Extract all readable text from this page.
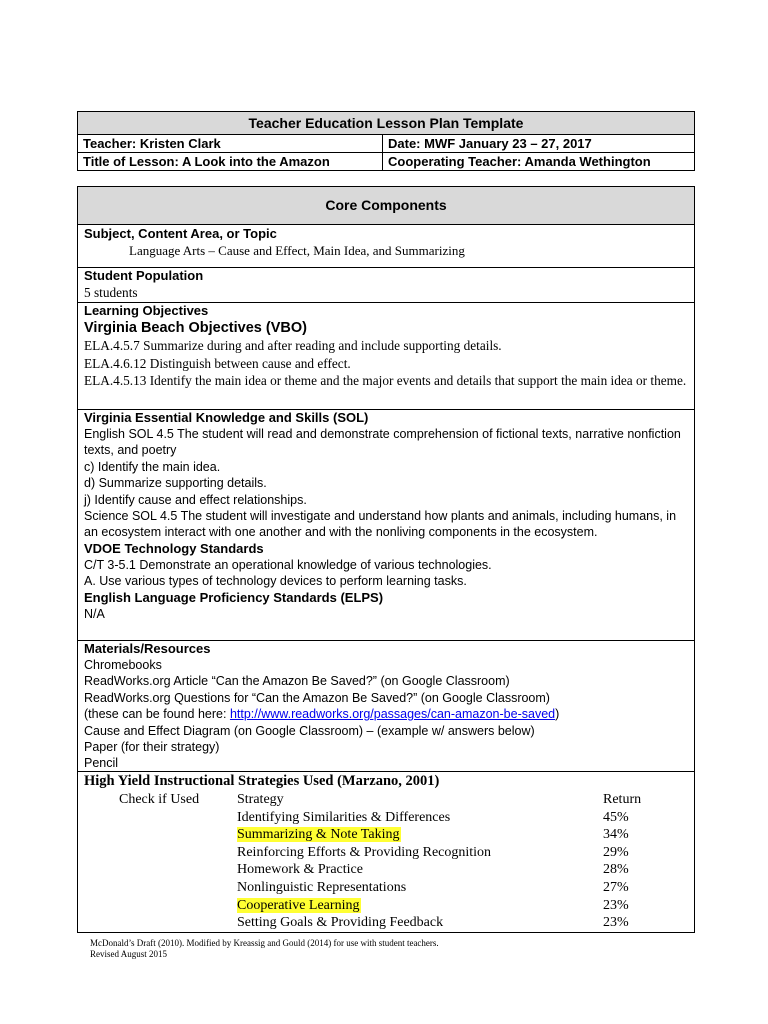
Teacher Education Lesson Plan Template	
Teacher: Kristen Clark	Date: MWF January 23 – 27, 2017
Title of Lesson: A Look into the Amazon	Cooperating Teacher: Amanda Wethington
Core Components
Subject, Content Area, or Topic
Language Arts – Cause and Effect, Main Idea, and Summarizing
Student Population
5 students
Learning Objectives
Virginia Beach Objectives (VBO)
ELA.4.5.7 Summarize during and after reading and include supporting details.
ELA.4.6.12 Distinguish between cause and effect.
ELA.4.5.13 Identify the main idea or theme and the major events and details that support the main idea or theme.
Virginia Essential Knowledge and Skills (SOL)
English SOL 4.5 The student will read and demonstrate comprehension of fictional texts, narrative nonfiction texts, and poetry
c) Identify the main idea.
d) Summarize supporting details.
j) Identify cause and effect relationships.
Science SOL 4.5 The student will investigate and understand how plants and animals, including humans, in an ecosystem interact with one another and with the nonliving components in the ecosystem.
VDOE Technology Standards
C/T 3-5.1 Demonstrate an operational knowledge of various technologies.
A. Use various types of technology devices to perform learning tasks.
English Language Proficiency Standards (ELPS)
N/A
Materials/Resources
Chromebooks
ReadWorks.org Article “Can the Amazon Be Saved?” (on Google Classroom)
ReadWorks.org Questions for “Can the Amazon Be Saved?” (on Google Classroom)
(these can be found here: http://www.readworks.org/passages/can-amazon-be-saved)
Cause and Effect Diagram (on Google Classroom) – (example w/ answers below)
Paper (for their strategy)
Pencil
High Yield Instructional Strategies Used (Marzano, 2001)
Check if Used	Strategy	Return
	Identifying Similarities & Differences	45%
	Summarizing & Note Taking	34%
	Reinforcing Efforts & Providing Recognition	29%
	Homework & Practice	28%
	Nonlinguistic Representations	27%
	Cooperative Learning	23%
	Setting Goals & Providing Feedback	23%
McDonald’s Draft (2010). Modified by Kreassig and Gould (2014) for use with student teachers.
Revised August 2015
